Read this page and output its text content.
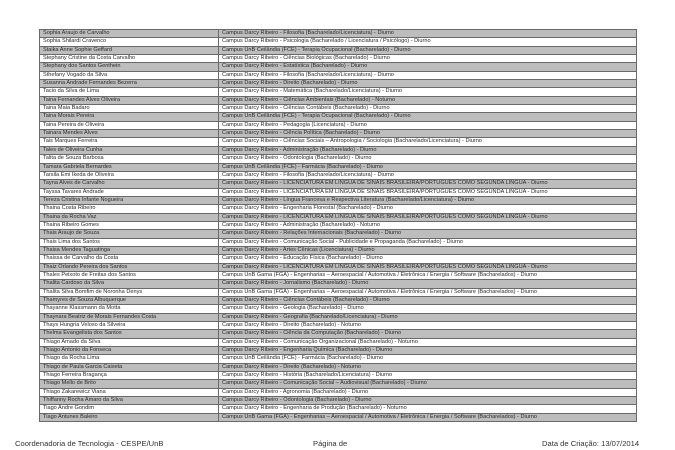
Sophia Araujo de Carvalho	Campus Darcy Ribeiro - Filosofia (Bacharelado/Licenciatura) - Diurno
Sophia Shilardi Cravenco	Campus Darcy Ribeiro - Psicologia (Bacharelado / Licenciatura / Psicólogo) - Diurno
Staika Anne Sophie Geffard	Campus UnB Ceilândia (FCE) - Terapia Ocupacional (Bacharelado) - Diurno
Stephany Cristine da Costa Carvalho	Campus Darcy Ribeiro - Ciências Biológicas (Bacharelado) - Diurno
Stephany dos Santos Genthein	Campus Darcy Ribeiro - Estatística (Bacharelado) - Diurno
Sthefany Vogado da Silva	Campus Darcy Ribeiro - Filosofia (Bacharelado/Licenciatura) - Diurno
Susanna Andrade Fernandes Bezerra	Campus Darcy Ribeiro - Direito (Bacharelado) - Diurno
Tacio da Silva de Lima	Campus Darcy Ribeiro - Matemática (Bacharelado/Licenciatura) - Diurno
Taina Fernandes Alves Oliveira	Campus Darcy Ribeiro - Ciências Ambientais (Bacharelado) - Noturno
Taina Maia Badaro	Campus Darcy Ribeiro - Ciências Contábeis (Bacharelado) - Diurno
Taina Morais Pereira	Campus UnB Ceilândia (FCE) - Terapia Ocupacional (Bacharelado) - Diurno
Taina Pereira de Oliveira	Campus Darcy Ribeiro - Pedagogia (Licenciatura) - Diurno
Tainara Mendes Alves	Campus Darcy Ribeiro - Ciência Política (Bacharelado) - Diurno
Tais Marques Ferreira	Campus Darcy Ribeiro - Ciências Sociais – Antropologia / Sociologia (Bacharelado/Licenciatura) - Diurno
Tales de Oliveira Cunha	Campus Darcy Ribeiro - Administração (Bacharelado) - Diurno
Talita de Souza Barbosa	Campus Darcy Ribeiro - Odontologia (Bacharelado) - Diurno
Tamara Gabriela Bernardes	Campus UnB Ceilândia (FCE) - Farmácia (Bacharelado) - Diurno
Tarsila Emi Ikeda de Oliveira	Campus Darcy Ribeiro - Filosofia (Bacharelado/Licenciatura) - Diurno
Tayna Alves de Carvalho	Campus Darcy Ribeiro - LICENCIATURA EM LÍNGUA DE SINAIS BRASILEIRA/PORTUGUÊS COMO SEGUNDA LÍNGUA - Diurno
Tayssa Tavares Andrade	Campus Darcy Ribeiro - LICENCIATURA EM LÍNGUA DE SINAIS BRASILEIRA/PORTUGUÊS COMO SEGUNDA LÍNGUA - Diurno
Tereza Cristina Infante Nogueira	Campus Darcy Ribeiro - Língua Francesa e Respectiva Literatura (Bacharelado/Licenciatura) - Diurno
Thaina Costa Ribeiro	Campus Darcy Ribeiro - Engenharia Florestal (Bacharelado) - Diurno
Thaina da Rocha Vaz	Campus Darcy Ribeiro - LICENCIATURA EM LÍNGUA DE SINAIS BRASILEIRA/PORTUGUÊS COMO SEGUNDA LÍNGUA - Diurno
Thaina Ribeiro Gomes	Campus Darcy Ribeiro - Administração (Bacharelado) - Noturno
Thais Araujo de Souza	Campus Darcy Ribeiro - Relações Internacionais (Bacharelado) - Diurno
Thais Lima dos Santos	Campus Darcy Ribeiro - Comunicação Social - Publicidade e Propaganda (Bacharelado) - Diurno
Thaisa Mendes Taguatinga	Campus Darcy Ribeiro - Artes Cênicas (Licenciatura) - Diurno
Thaissa de Carvalho da Costa	Campus Darcy Ribeiro - Educação Física (Bacharelado) - Diurno
Thaiz Orlando Pereira dos Santos	Campus Darcy Ribeiro - LICENCIATURA EM LÍNGUA DE SINAIS BRASILEIRA/PORTUGUÊS COMO SEGUNDA LÍNGUA - Diurno
Thales Peixoto de Freitas dos Santos	Campus UnB Gama (FGA) - Engenharias – Aeroespacial / Automotiva / Eletrônica / Energia / Software (Bacharelados) - Diurno
Thalita Cardoso da Silva	Campus Darcy Ribeiro - Jornalismo (Bacharelado) - Diurno
Thalita Silva Bomfim de Noronha Denys	Campus UnB Gama (FGA) - Engenharias – Aeroespacial / Automotiva / Eletrônica / Energia / Software (Bacharelados) - Diurno
Thamyres de Souza Albuquerque	Campus Darcy Ribeiro - Ciências Contábeis (Bacharelado) - Diurno
Thayanne Klassmann da Motta	Campus Darcy Ribeiro - Geologia (Bacharelado) - Diurno
Thaynara Beatriz de Morais Fernandes Costa	Campus Darcy Ribeiro - Geografia (Bacharelado/Licenciatura) - Diurno
Thays Hungria Veloso da Silveira	Campus Darcy Ribeiro - Direito (Bacharelado) - Noturno
Thelma Evangelista dos Santos	Campus Darcy Ribeiro - Ciência da Computação (Bacharelado) - Diurno
Thiago Amado da Silva	Campus Darcy Ribeiro - Comunicação Organizacional (Bacharelado) - Noturno
Thiago Antonio da Fonseca	Campus Darcy Ribeiro - Engenharia Química (Bacharelado) - Diurno
Thiago da Rocha Lima	Campus UnB Ceilândia (FCE) - Farmácia (Bacharelado) - Diurno
Thiago de Paula Garcia Caixeta	Campus Darcy Ribeiro - Direito (Bacharelado) - Noturno
Thiago Ferreira Bragança	Campus Darcy Ribeiro - História (Bacharelado/Licenciatura) - Diurno
Thiago Mello de Brito	Campus Darcy Ribeiro - Comunicação Social – Audiovisual (Bacharelado) - Diurno
Thiago Zakarewicz Viana	Campus Darcy Ribeiro - Agronomia (Bacharelado) - Diurno
Thiffanny Rocha Amaro da Silva	Campus Darcy Ribeiro - Odontologia (Bacharelado) - Diurno
Tiago Andre Gondim	Campus Darcy Ribeiro - Engenharia de Produção (Bacharelado) - Noturno
Tiago Antunes Baleiro	Campus UnB Gama (FGA) - Engenharias – Aeroespacial / Automotiva / Eletrônica / Energia / Software (Bacharelados) - Diurno
Coordenadoria de Tecnologia - CESPE/UnB	Página de	Data de Criação: 13/07/2014
